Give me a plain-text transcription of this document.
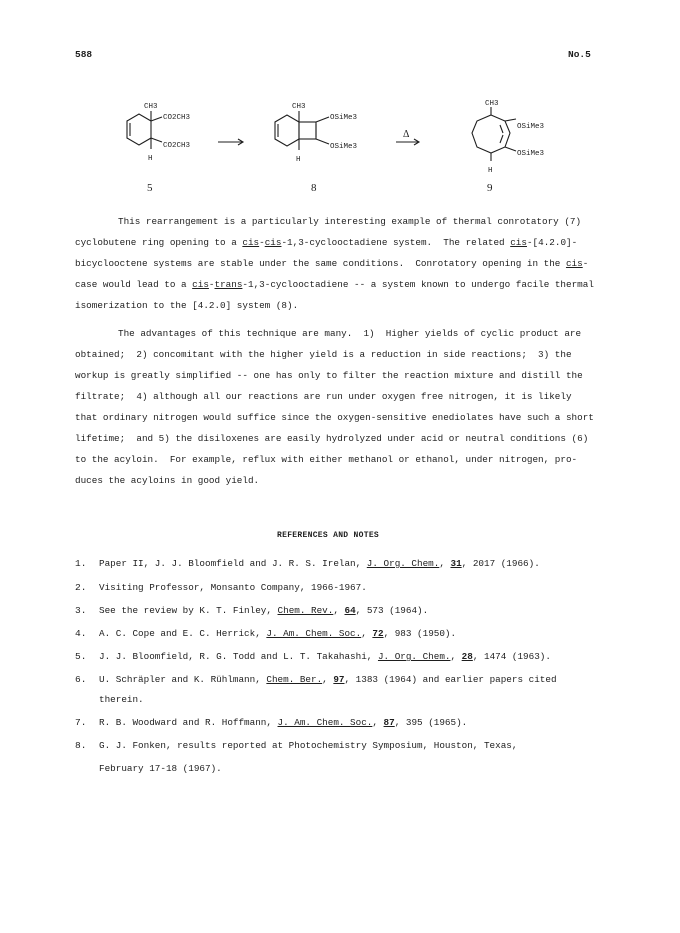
588	No.5
CH3
CO2CH3
CO2CH3
H
5
CH3
OSiMe3
OSiMe3
H
8
Δ
CH3
OSiMe3
OSiMe3
H
9
This rearrangement is a particularly interesting example of thermal conrotatory (7)
cyclobutene ring opening to a cis-cis-1,3-cyclooctadiene system.  The related cis-[4.2.0]-
bicyclooctene systems are stable under the same conditions.  Conrotatory opening in the cis-
case would lead to a cis-trans-1,3-cyclooctadiene -- a system known to undergo facile thermal
isomerization to the [4.2.0] system (8).
The advantages of this technique are many.  1)  Higher yields of cyclic product are
obtained;  2) concomitant with the higher yield is a reduction in side reactions;  3) the
workup is greatly simplified -- one has only to filter the reaction mixture and distill the
filtrate;  4) although all our reactions are run under oxygen free nitrogen, it is likely
that ordinary nitrogen would suffice since the oxygen-sensitive enediolates have such a short
lifetime;  and 5) the disiloxenes are easily hydrolyzed under acid or neutral conditions (6)
to the acyloin.  For example, reflux with either methanol or ethanol, under nitrogen, pro-
duces the acyloins in good yield.
REFERENCES AND NOTES
1. Paper II, J. J. Bloomfield and J. R. S. Irelan, J. Org. Chem., 31, 2017 (1966).
2. Visiting Professor, Monsanto Company, 1966-1967.
3. See the review by K. T. Finley, Chem. Rev., 64, 573 (1964).
4. A. C. Cope and E. C. Herrick, J. Am. Chem. Soc., 72, 983 (1950).
5. J. J. Bloomfield, R. G. Todd and L. T. Takahashi, J. Org. Chem., 28, 1474 (1963).
6. U. Schräpler and K. Rühlmann, Chem. Ber., 97, 1383 (1964) and earlier papers cited
therein.
7. R. B. Woodward and R. Hoffmann, J. Am. Chem. Soc., 87, 395 (1965).
8. G. J. Fonken, results reported at Photochemistry Symposium, Houston, Texas,
February 17-18 (1967).
